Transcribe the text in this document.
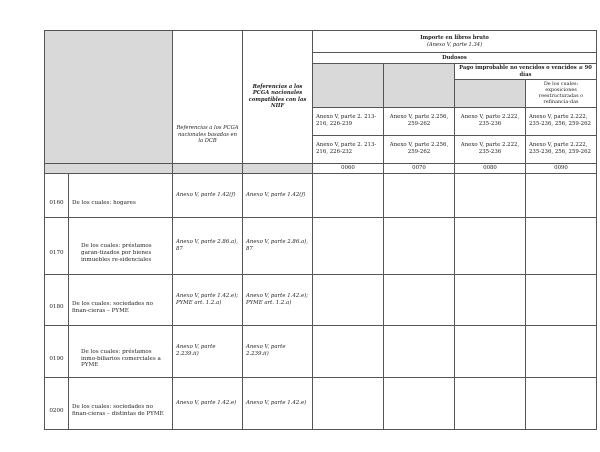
		Referencias a los PCGA nacionales basadas en la DCB	Referencias a los PCGA nacionales compatibles con las NIIF	Importe en libros bruto
(Anexo V, parte 1.34)			

				Dudosos			
						Pago improbable no vencidos o vencidos ≤ 90 días	
							De los cuales: exposiciones reestructuradas o refinancia-das
				Anexo V, parte 2. 213-216, 226-239	Anexo V, parte 2.256, 259-262	Anexo V, parte 2.222, 235-236	Anexo V, parte 2.222, 235-236, 256, 259-262
				Anexo V, parte 2. 213-216, 226-232	Anexo V, parte 2.256, 259-262	Anexo V, parte 2.222, 235-236	Anexo V, parte 2.222, 235-236, 256, 259-262
				0060	0070	0080	0090
0160	De los cuales: hogares	Anexo V, parte 1.42(f)	Anexo V, parte 1.42(f)				
0170	De los cuales: préstamos garan-tizados por bienes inmuebles re-sidenciales	Anexo V, parte 2.86.a), 87	Anexo V, parte 2.86.a), 87				
0180	De los cuales: sociedades no finan-cieras – PYME	Anexo V, parte 1.42.e); PYME art. 1.2.a)	Anexo V, parte 1.42.e); PYME art. 1.2.a)				
0190	De los cuales: préstamos inmo-biliarios comerciales a PYME	Anexo V, parte 2.239.ii)	Anexo V, parte 2.239.ii)				
0200	De los cuales: sociedades no finan-cieras – distintas de PYME	Anexo V, parte 1.42.e)	Anexo V, parte 1.42.e)				
